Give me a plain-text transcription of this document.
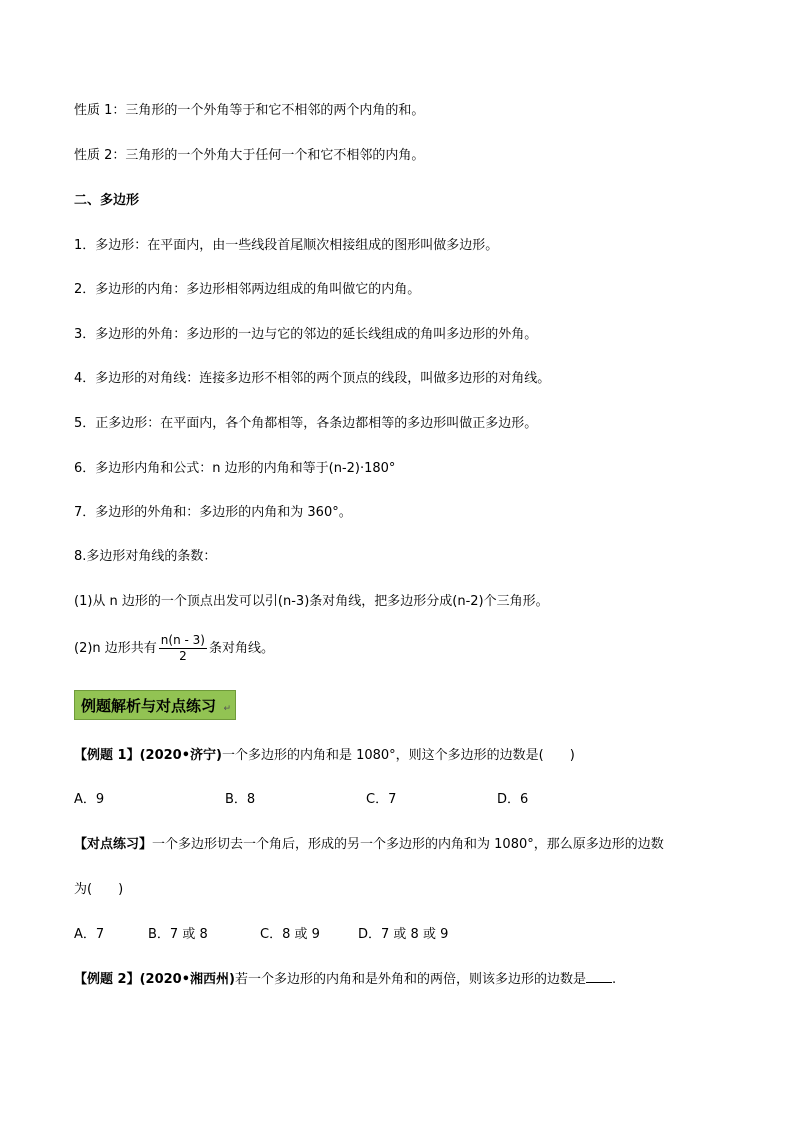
性质 1：三角形的一个外角等于和它不相邻的两个内角的和。
性质 2：三角形的一个外角大于任何一个和它不相邻的内角。
二、多边形
1．多边形：在平面内，由一些线段首尾顺次相接组成的图形叫做多边形。
2．多边形的内角：多边形相邻两边组成的角叫做它的内角。
3．多边形的外角：多边形的一边与它的邻边的延长线组成的角叫多边形的外角。
4．多边形的对角线：连接多边形不相邻的两个顶点的线段，叫做多边形的对角线。
5．正多边形：在平面内，各个角都相等，各条边都相等的多边形叫做正多边形。
6．多边形内角和公式：n 边形的内角和等于(n-2)·180°
7．多边形的外角和：多边形的内角和为 360°。
8.多边形对角线的条数：
(1)从 n 边形的一个顶点出发可以引(n-3)条对角线，把多边形分成(n-2)个三角形。
(2)n 边形共有 $\frac{n(n - 3)}{2}$ 条对角线。
例题解析与对点练习 ↵
【例题 1】(2020•济宁)一个多边形的内角和是 1080°，则这个多边形的边数是(　　)
A．9	B．8	C．7	D．6
【对点练习】一个多边形切去一个角后，形成的另一个多边形的内角和为 1080°，那么原多边形的边数
为(　　)
A．7	B．7 或 8	C．8 或 9	D．7 或 8 或 9
【例题 2】(2020•湘西州)若一个多边形的内角和是外角和的两倍，则该多边形的边数是 .
